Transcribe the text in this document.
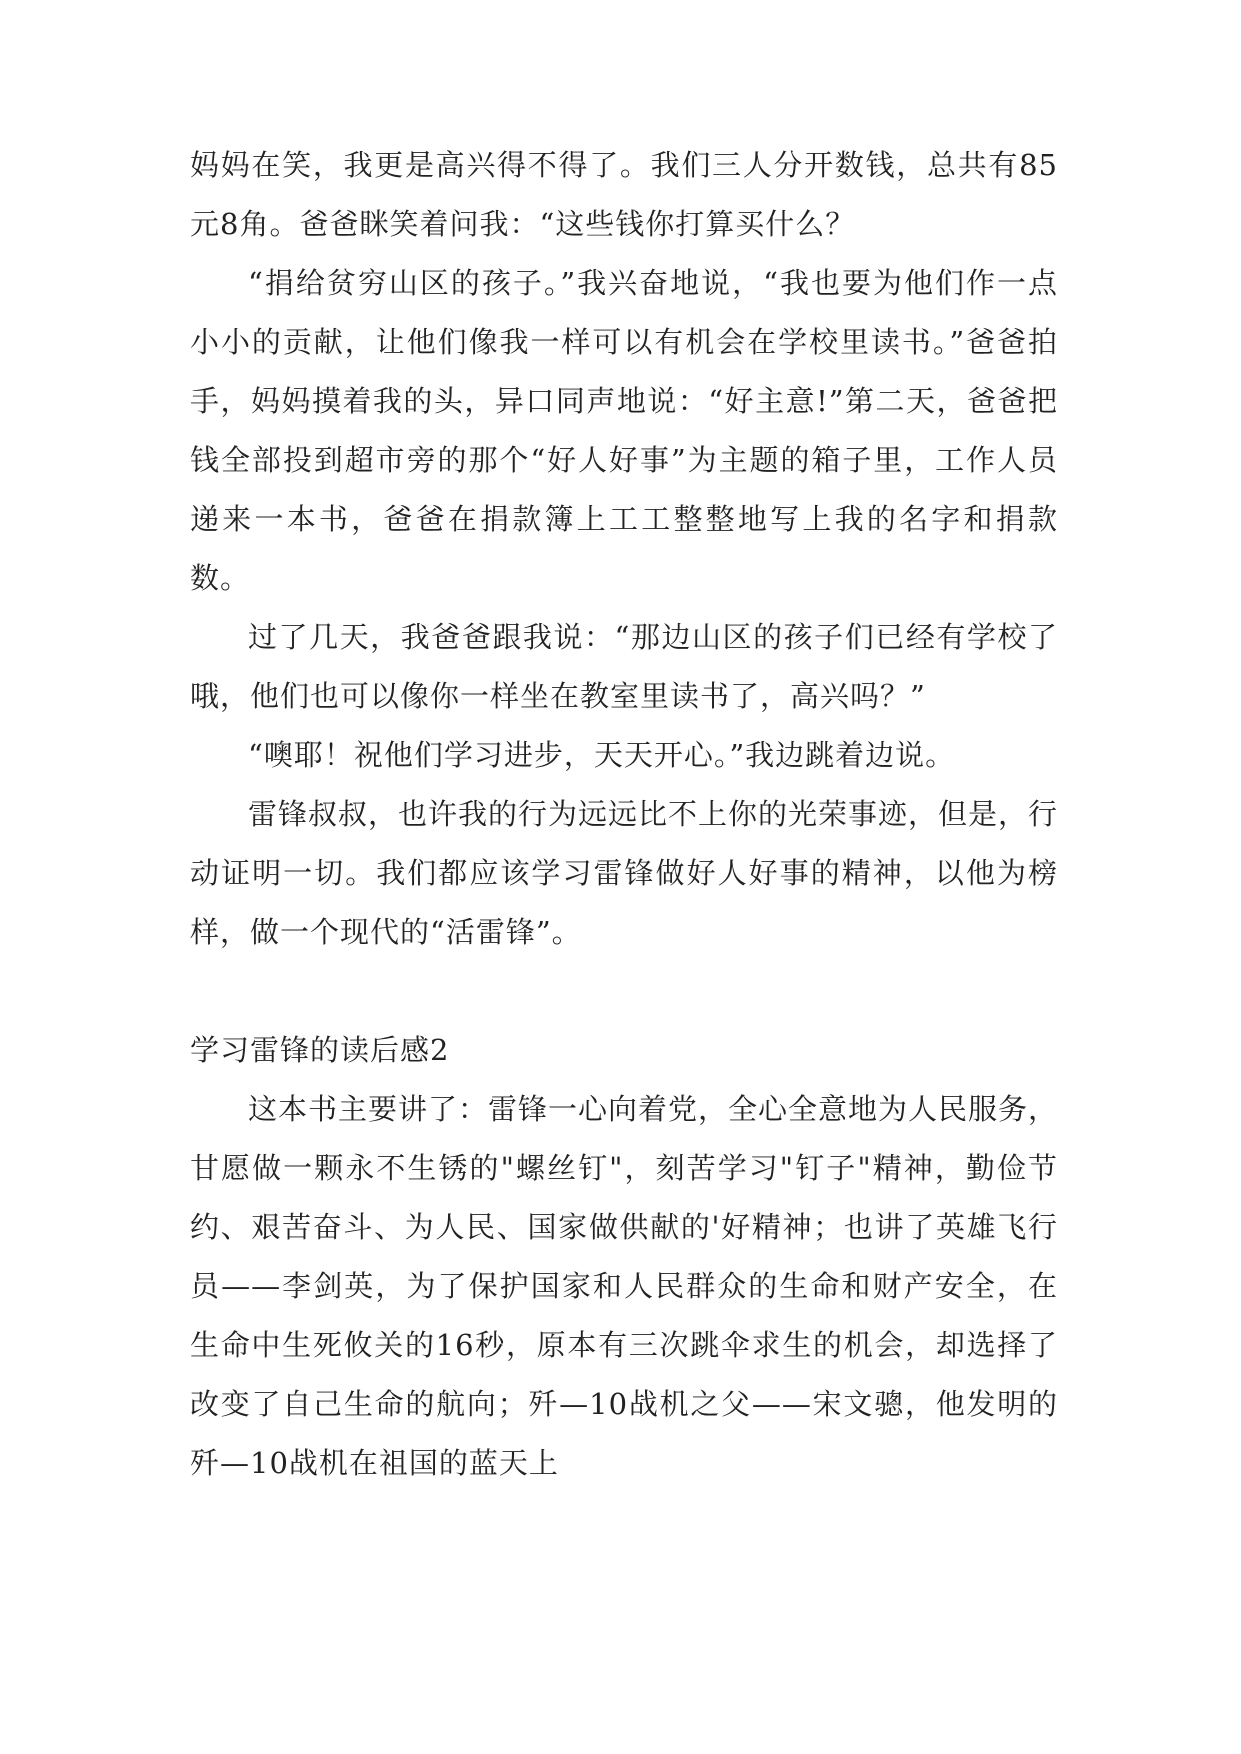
妈妈在笑，我更是高兴得不得了。我们三人分开数钱，总共有85元8角。爸爸眯笑着问我：“这些钱你打算买什么？

“捐给贫穷山区的孩子。”我兴奋地说，“我也要为他们作一点小小的贡献，让他们像我一样可以有机会在学校里读书。”爸爸拍手，妈妈摸着我的头，异口同声地说：“好主意!”第二天，爸爸把钱全部投到超市旁的那个“好人好事”为主题的箱子里，工作人员递来一本书，爸爸在捐款簿上工工整整地写上我的名字和捐款数。

过了几天，我爸爸跟我说：“那边山区的孩子们已经有学校了哦，他们也可以像你一样坐在教室里读书了，高兴吗？”

“噢耶！祝他们学习进步，天天开心。”我边跳着边说。

雷锋叔叔，也许我的行为远远比不上你的光荣事迹，但是，行动证明一切。我们都应该学习雷锋做好人好事的精神，以他为榜样，做一个现代的“活雷锋”。

学习雷锋的读后感2

这本书主要讲了：雷锋一心向着党，全心全意地为人民服务，甘愿做一颗永不生锈的"螺丝钉"，刻苦学习"钉子"精神，勤俭节约、艰苦奋斗、为人民、国家做供献的'好精神；也讲了英雄飞行员——李剑英，为了保护国家和人民群众的生命和财产安全，在生命中生死攸关的16秒，原本有三次跳伞求生的机会，却选择了改变了自己生命的航向；歼—10战机之父——宋文骢，他发明的歼—10战机在祖国的蓝天上
